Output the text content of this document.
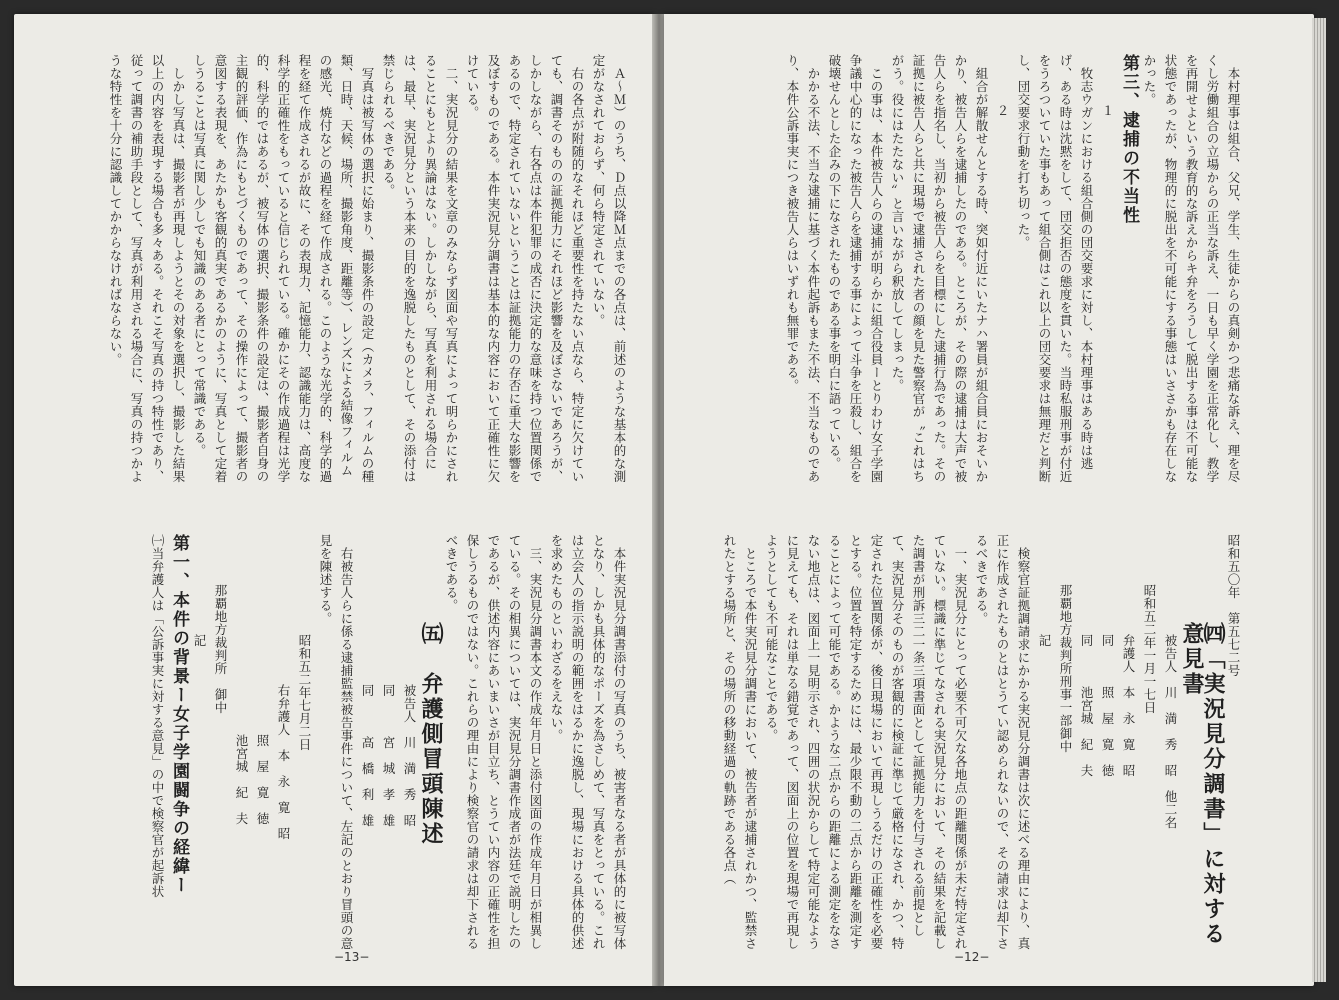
Ａ〜Ｍ）のうち、Ｄ点以降Ｍ点までの各点は、前述のような基本的な測定がなされておらず、何ら特定されていない。

右の各点が附随的なそれほど重要性を持たない点なら、特定に欠けていても、調書そのものの証拠能力にそれほど影響を及ぼさないであろうが、しかしながら、右各点は本件犯罪の成否に決定的な意味を持つ位置関係であるので、特定されていないということは証拠能力の存否に重大な影響を及ぼすものである。本件実況見分調書は基本的な内容において正確性に欠けている。

二、実況見分の結果を文章のみならず図面や写真によって明らかにされることにもとより異論はない。しかしながら、写真を利用される場合には、最早、実況見分という本来の目的を逸脱したものとして、その添付は禁じられるべきである。

写真は被写体の選択に始まり、撮影条件の設定（カメラ、フィルムの種類、日時、天候、場所、撮影角度、距離等）、レンズによる結像フィルムの感光、焼付などの過程を経て作成される。このような光学的、科学的過程を経て作成されるが故に、その表現力、記憶能力、認識能力は、高度な科学的正確性をもっていると信じられている。確かにその作成過程は光学的、科学的ではあるが、被写体の選択、撮影条件の設定は、撮影者自身の主観的評価、作為にもとづくものであって、その操作によって、撮影者の意図する表現を、あたかも客観的真実であるかのように、写真として定着しうることは写真に関し少しでも知識のある者にとって常識である。

しかし写真は、撮影者が再現しようとその対象を選択し、撮影した結果以上の内容を表現する場合も多々ある。それこそ写真の持つ特性であり、従って調書の補助手段として、写真が利用される場合に、写真の持つかような特性を十分に認識してかからなければならない。

本件実況見分調書添付の写真のうち、被害者なる者が具体的に被写体となり、しかも具体的なポーズを為さしめて、写真をとっている。これは立会人の指示説明の範囲をはるかに逸脱し、現場における具体的供述を求めたものといわざるをえない。

三、実況見分調書本文の作成年月日と添付図面の作成年月日が相異している。その相異については、実況見分調書作成者が法廷で説明したのであるが、供述内容にあいまいさが目立ち、とうてい内容の正確性を担保しうるものではない。これらの理由により検察官の請求は却下されるべきである。

㈤　弁護側冒頭陳述
被告人　川　満　秀　昭
同　　　宮　城　孝　雄
同　　　高　橋　利　雄

右被告人らに係る逮捕監禁被告事件について、左記のとおり冒頭の意見を陳述する。

昭和五二年七月二日
右弁護人　本　永　寛　昭
照　屋　寛　徳
池宮城　紀　夫
那覇地方裁判所　御中
記
第一、本件の背景ー女子学園闘争の経緯ー
㈠当弁護人は「公訴事実に対する意見」の中で検察官が起訴状
−13−

本村理事は組合、父兄、学生、生徒からの真剣かつ悲痛な訴え、理を尽くし労働組合の立場からの正当な訴え、一日も早く学園を正常化し、教学を再開せよという教育的な訴えからキ弁をろうして脱出する事は不可能な状態であったが、物理的に脱出を不可能にする事態はいささかも存在しなかった。

第三、逮捕の不当性
１

牧志ウガンにおける組合側の団交要求に対し、本村理事はある時は逃げ、ある時は沈黙をして、団交拒否の態度を貫いた。当時私服刑事が付近をうろついていた事もあって組合側はこれ以上の団交要求は無理だと判断し、団交要求行動を打ち切った。

２

組合が解散せんとする時、突如付近にいたナハ署員が組合員におそいかかり、被告人らを逮捕したのである。ところが、その際の逮捕は大声で被告人らを指名し、当初から被告人らを目標にした逮捕行為であった。その証拠に被告人らと共に現場で逮捕された者の顔を見た警察官が〝これはちがう。役にはたたない〟と言いながら釈放してしまった。

この事は、本件被告人らの逮捕が明らかに組合役員ーとりわけ女子学園争議中心的になった被告人らを逮捕する事によって斗争を圧殺し、組合を破壊せんとした企みの下になされたものである事を明白に語っている。

かかる不法、不当な逮捕に基づく本件起訴もまた不法、不当なものであり、本件公訴事実につき被告人らはいずれも無罪である。

昭和五〇年　第五七二号
㈣「実況見分調書」に対する意見書
被告人　川　満　秀　昭　他二名
昭和五二年一月一七日
弁護人　本　永　寛　昭
同　　　照　屋　寛　徳
同　　　池宮城　紀　夫
那覇地方裁判所刑事一部御中
記

検察官証拠調請求にかかる実況見分調書は次に述べる理由により、真正に作成されたものとはとうてい認められないので、その請求は却下さるべきである。

一、実況見分にとって必要不可欠な各地点の距離関係が未だ特定されていない。標識に準じてなされる実況見分において、その結果を記載した調書が刑訴三二一条三項書面として証拠能力を付与される前提として、実況見分そのものが客観的に検証に準じて厳格になされ、かつ、特定された位置関係が、後日現場において再現しうるだけの正確性を必要とする。位置を特定するためには、最少限不動の二点から距離を測定することによって可能である。かような二点からの距離による測定をなさない地点は、図面上一見明示され、四囲の状況からして特定可能なように見えても、それは単なる錯覚であって、図面上の位置を現場で再現しようとしても不可能なことである。

ところで本件実況見分調書において、被告者が逮捕されかつ、監禁されたとする場所と、その場所の移動経過の軌跡である各点（

−12−
